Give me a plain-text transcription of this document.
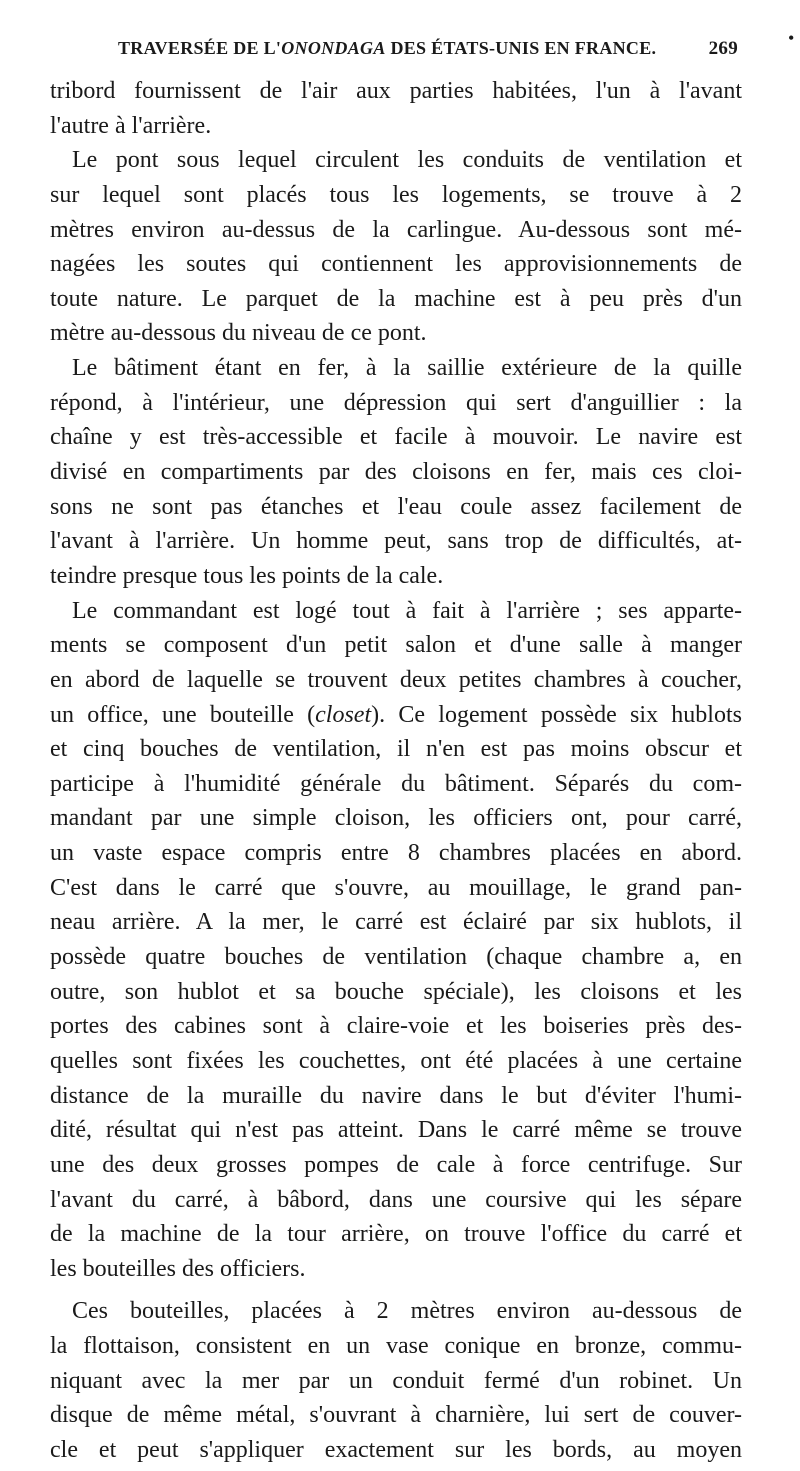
TRAVERSÉE DE L'ONONDAGA DES ÉTATS-UNIS EN FRANCE.	269	•
tribord fournissent de l'air aux parties habitées, l'un à l'avant
l'autre à l'arrière.
Le pont sous lequel circulent les conduits de ventilation et
sur lequel sont placés tous les logements, se trouve à 2
mètres environ au-dessus de la carlingue. Au-dessous sont mé-
nagées les soutes qui contiennent les approvisionnements de
toute nature. Le parquet de la machine est à peu près d'un
mètre au-dessous du niveau de ce pont.
Le bâtiment étant en fer, à la saillie extérieure de la quille
répond, à l'intérieur, une dépression qui sert d'anguillier : la
chaîne y est très-accessible et facile à mouvoir. Le navire est
divisé en compartiments par des cloisons en fer, mais ces cloi-
sons ne sont pas étanches et l'eau coule assez facilement de
l'avant à l'arrière. Un homme peut, sans trop de difficultés, at-
teindre presque tous les points de la cale.
Le commandant est logé tout à fait à l'arrière ; ses apparte-
ments se composent d'un petit salon et d'une salle à manger
en abord de laquelle se trouvent deux petites chambres à coucher,
un office, une bouteille (closet). Ce logement possède six hublots
et cinq bouches de ventilation, il n'en est pas moins obscur et
participe à l'humidité générale du bâtiment. Séparés du com-
mandant par une simple cloison, les officiers ont, pour carré,
un vaste espace compris entre 8 chambres placées en abord.
C'est dans le carré que s'ouvre, au mouillage, le grand pan-
neau arrière. A la mer, le carré est éclairé par six hublots, il
possède quatre bouches de ventilation (chaque chambre a, en
outre, son hublot et sa bouche spéciale), les cloisons et les
portes des cabines sont à claire-voie et les boiseries près des-
quelles sont fixées les couchettes, ont été placées à une certaine
distance de la muraille du navire dans le but d'éviter l'humi-
dité, résultat qui n'est pas atteint. Dans le carré même se trouve
une des deux grosses pompes de cale à force centrifuge. Sur
l'avant du carré, à bâbord, dans une coursive qui les sépare
de la machine de la tour arrière, on trouve l'office du carré et
les bouteilles des officiers.
Ces bouteilles, placées à 2 mètres environ au-dessous de
la flottaison, consistent en un vase conique en bronze, commu-
niquant avec la mer par un conduit fermé d'un robinet. Un
disque de même métal, s'ouvrant à charnière, lui sert de couver-
cle et peut s'appliquer exactement sur les bords, au moyen
